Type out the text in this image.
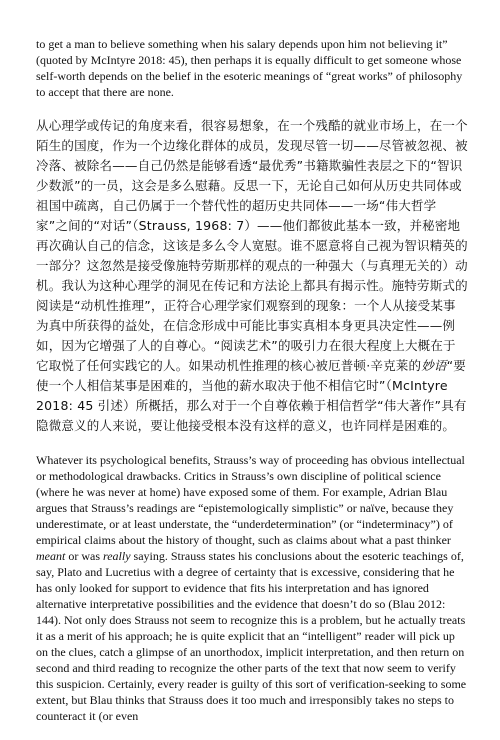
to get a man to believe something when his salary depends upon him not believing it” (quoted by McIntyre 2018: 45), then perhaps it is equally difficult to get someone whose self-worth depends on the belief in the esoteric meanings of “great works” of philosophy to accept that there are none.

从心理学或传记的角度来看，很容易想象，在一个残酷的就业市场上，在一个陌生的国度，作为一个边缘化群体的成员，发现尽管一切——尽管被忽视、被冷落、被除名——自己仍然是能够看透“最优秀”书籍欺骗性表层之下的“智识少数派”的一员，这会是多么慰藉。反思一下，无论自己如何从历史共同体或祖国中疏离，自己仍属于一个替代性的超历史共同体——一场“伟大哲学家”之间的“对话”（Strauss, 1968: 7）——他们都彼此基本一致，并秘密地再次确认自己的信念，这该是多么令人宽慰。谁不愿意将自己视为智识精英的一部分？这忽然是接受像施特劳斯那样的观点的一种强大（与真理无关的）动机。我认为这种心理学的洞见在传记和方法论上都具有揭示性。施特劳斯式的阅读是“动机性推理”，正符合心理学家们观察到的现象：一个人从接受某事为真中所获得的益处，在信念形成中可能比事实真相本身更具决定性——例如，因为它增强了人的自尊心。“阅读艺术”的吸引力在很大程度上大概在于它取悦了任何实践它的人。如果动机性推理的核心被厄普顿·辛克莱的妙语“要使一个人相信某事是困难的，当他的薪水取决于他不相信它时”（McIntyre 2018: 45 引述）所概括，那么对于一个自尊依赖于相信哲学“伟大著作”具有隐微意义的人来说，要让他接受根本没有这样的意义，也许同样是困难的。

Whatever its psychological benefits, Strauss’s way of proceeding has obvious intellectual or methodological drawbacks. Critics in Strauss’s own discipline of political science (where he was never at home) have exposed some of them. For example, Adrian Blau argues that Strauss’s readings are “epistemologically simplistic” or naïve, because they underestimate, or at least understate, the “underdetermination” (or “indeterminacy”) of empirical claims about the history of thought, such as claims about what a past thinker meant or was really saying. Strauss states his conclusions about the esoteric teachings of, say, Plato and Lucretius with a degree of certainty that is excessive, considering that he has only looked for support to evidence that fits his interpretation and has ignored alternative interpretative possibilities and the evidence that doesn’t do so (Blau 2012: 144). Not only does Strauss not seem to recognize this is a problem, but he actually treats it as a merit of his approach; he is quite explicit that an “intelligent” reader will pick up on the clues, catch a glimpse of an unorthodox, implicit interpretation, and then return on second and third reading to recognize the other parts of the text that now seem to verify this suspicion. Certainly, every reader is guilty of this sort of verification-seeking to some extent, but Blau thinks that Strauss does it too much and irresponsibly takes no steps to counteract it (or even
